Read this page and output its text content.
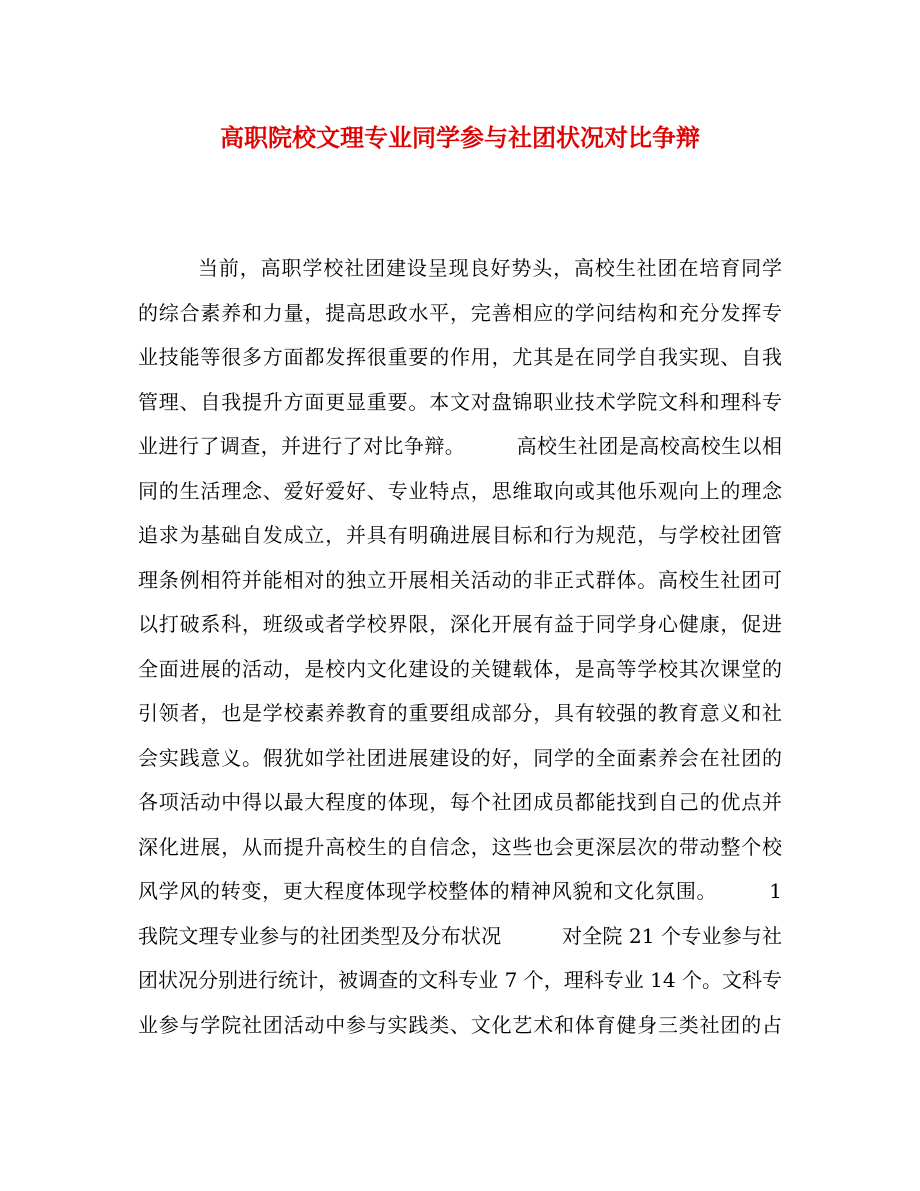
高职院校文理专业同学参与社团状况对比争辩
当前，高职学校社团建设呈现良好势头，高校生社团在培育同学
的综合素养和力量，提高思政水平，完善相应的学问结构和充分发挥专
业技能等很多方面都发挥很重要的作用，尤其是在同学自我实现、自我
管理、自我提升方面更显重要。本文对盘锦职业技术学院文科和理科专
业进行了调查，并进行了对比争辩。　　　高校生社团是高校高校生以相
同的生活理念、爱好爱好、专业特点，思维取向或其他乐观向上的理念
追求为基础自发成立，并具有明确进展目标和行为规范，与学校社团管
理条例相符并能相对的独立开展相关活动的非正式群体。高校生社团可
以打破系科，班级或者学校界限，深化开展有益于同学身心健康，促进
全面进展的活动，是校内文化建设的关键载体，是高等学校其次课堂的
引领者，也是学校素养教育的重要组成部分，具有较强的教育意义和社
会实践意义。假犹如学社团进展建设的好，同学的全面素养会在社团的
各项活动中得以最大程度的体现，每个社团成员都能找到自己的优点并
深化进展，从而提升高校生的自信念，这些也会更深层次的带动整个校
风学风的转变，更大程度体现学校整体的精神风貌和文化氛围。　　　1
我院文理专业参与的社团类型及分布状况　　　对全院 21 个专业参与社
团状况分别进行统计，被调查的文科专业 7 个，理科专业 14 个。文科专
业参与学院社团活动中参与实践类、文化艺术和体育健身三类社团的占
